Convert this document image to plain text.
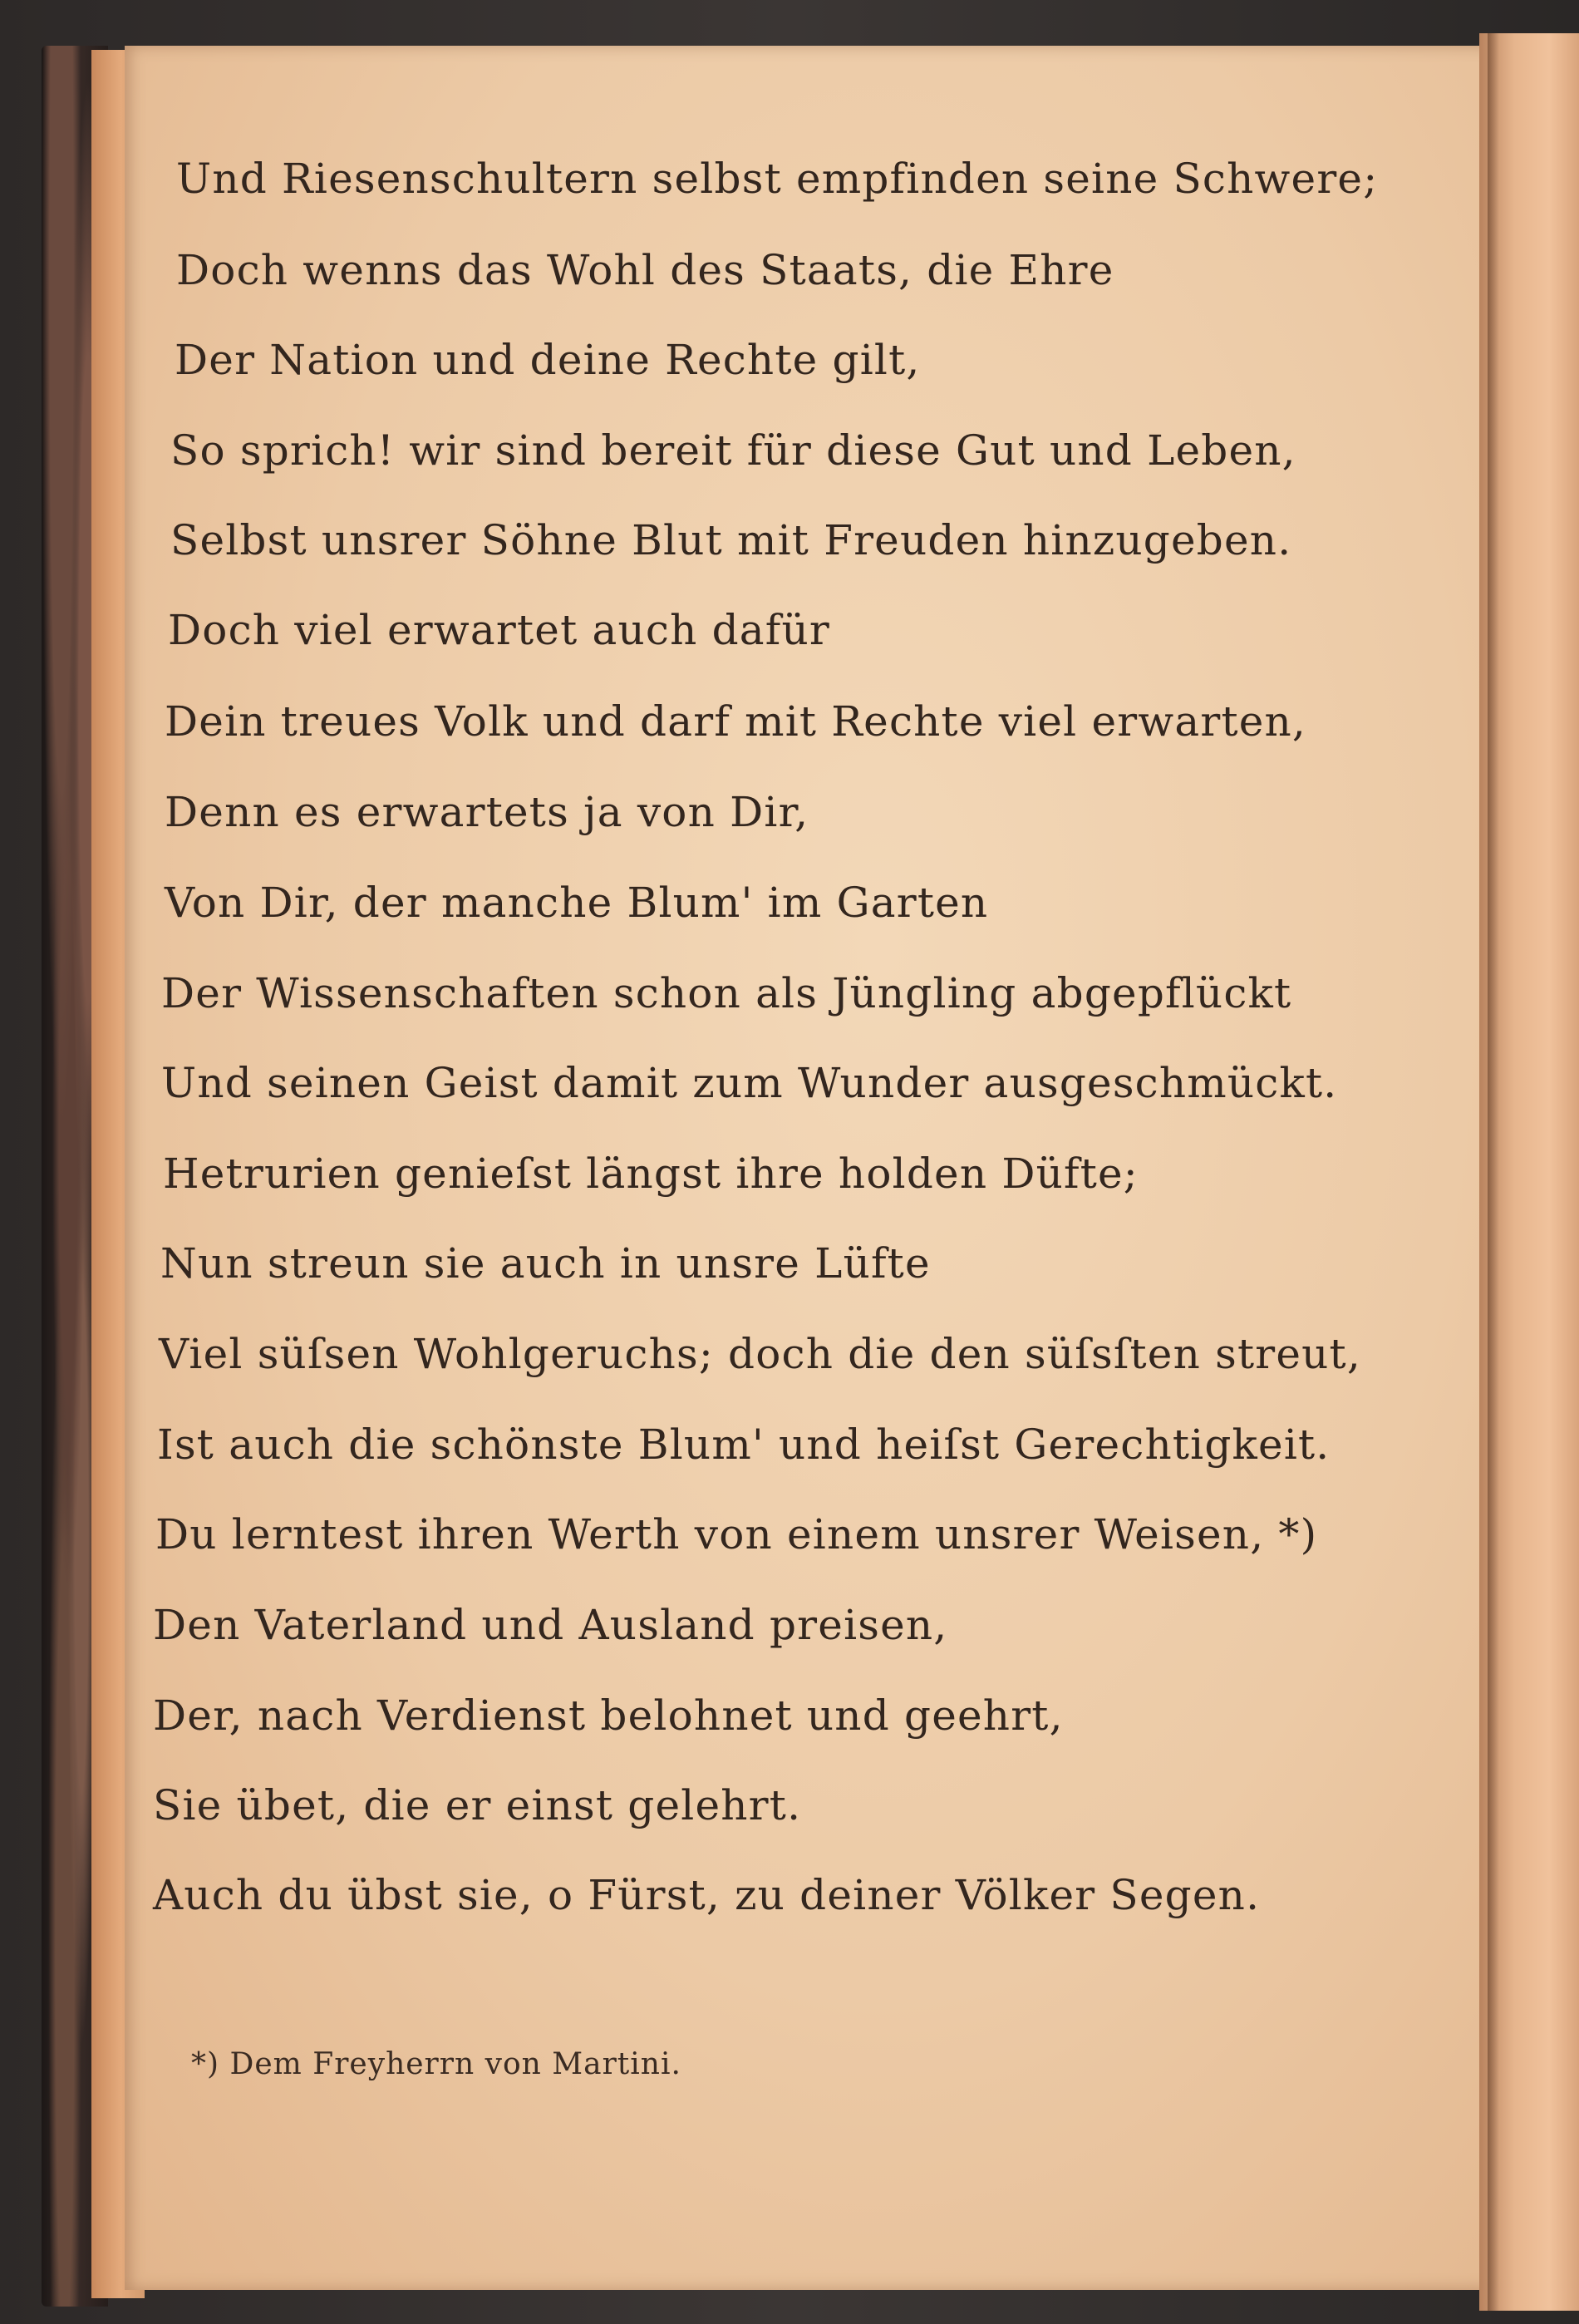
Und Riesenschultern selbst empfinden seine Schwere;
Doch wenns das Wohl des Staats, die Ehre
Der Nation und deine Rechte gilt,
So sprich! wir sind bereit für diese Gut und Leben,
Selbst unsrer Söhne Blut mit Freuden hinzugeben.
Doch viel erwartet auch dafür
Dein treues Volk und darf mit Rechte viel erwarten,
Denn es erwartets ja von Dir,
Von Dir, der manche Blum' im Garten
Der Wissenschaften schon als Jüngling abgepflückt
Und seinen Geist damit zum Wunder ausgeschmückt.
Hetrurien genieſst längst ihre holden Düfte;
Nun streun sie auch in unsre Lüfte
Viel süſsen Wohlgeruchs; doch die den süſsſten streut,
Ist auch die schönste Blum' und heiſst Gerechtigkeit.
Du lerntest ihren Werth von einem unsrer Weisen, *)
Den Vaterland und Ausland preisen,
Der, nach Verdienst belohnet und geehrt,
Sie übet, die er einst gelehrt.
Auch du übst sie, o Fürst, zu deiner Völker Segen.
*) Dem Freyherrn von Martini.
